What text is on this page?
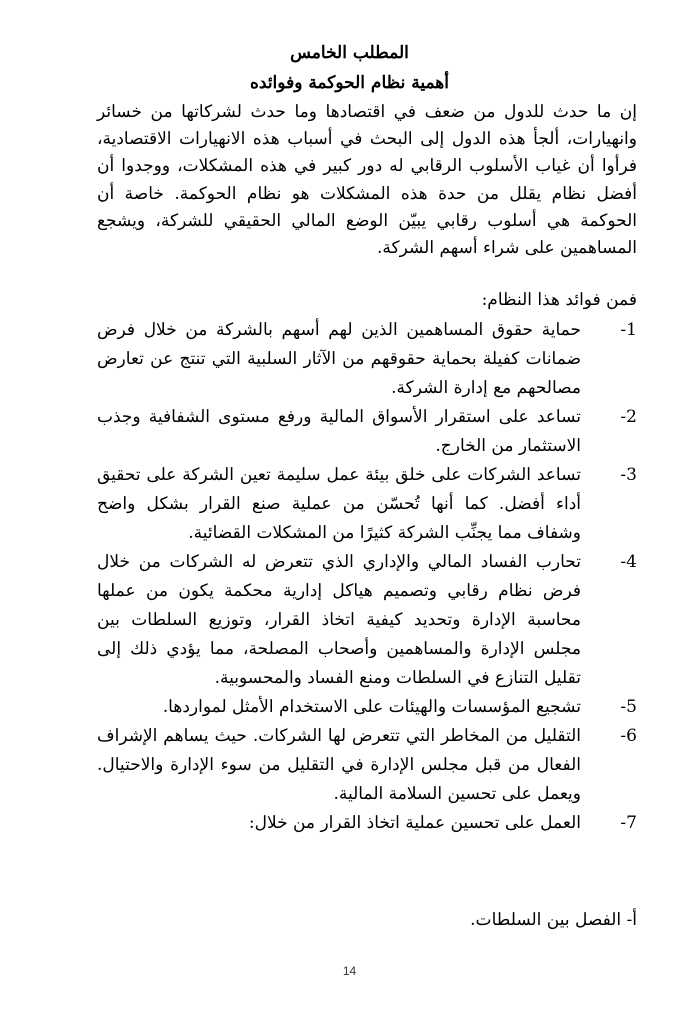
المطلب الخامس
أهمية نظام الحوكمة وفوائده
إن ما حدث للدول من ضعف في اقتصادها وما حدث لشركاتها من خسائر وانهيارات، ألجأ هذه الدول إلى البحث في أسباب هذه الانهيارات الاقتصادية، فرأوا أن غياب الأسلوب الرقابي له دور كبير في هذه المشكلات، ووجدوا أن أفضل نظام يقلل من حدة هذه المشكلات هو نظام الحوكمة. خاصة أن الحوكمة هي أسلوب رقابي يبيّن الوضع المالي الحقيقي للشركة، ويشجع المساهمين على شراء أسهم الشركة.
فمن فوائد هذا النظام:
1-
حماية حقوق المساهمين الذين لهم أسهم بالشركة من خلال فرض ضمانات كفيلة بحماية حقوقهم من الآثار السلبية التي تنتج عن تعارض مصالحهم مع إدارة الشركة.
2-
تساعد على استقرار الأسواق المالية ورفع مستوى الشفافية وجذب الاستثمار من الخارج.
3-
تساعد الشركات على خلق بيئة عمل سليمة تعين الشركة على تحقيق أداء أفضل. كما أنها تُحسّن من عملية صنع القرار بشكل واضح وشفاف مما يجنِّب الشركة كثيرًا من المشكلات القضائية.
4-
تحارب الفساد المالي والإداري الذي تتعرض له الشركات من خلال فرض نظام رقابي وتصميم هياكل إدارية محكمة يكون من عملها محاسبة الإدارة وتحديد كيفية اتخاذ القرار، وتوزيع السلطات بين مجلس الإدارة والمساهمين وأصحاب المصلحة، مما يؤدي ذلك إلى تقليل التنازع في السلطات ومنع الفساد والمحسوبية.
5-
تشجيع المؤسسات والهيئات على الاستخدام الأمثل لمواردها.
6-
التقليل من المخاطر التي تتعرض لها الشركات. حيث يساهم الإشراف الفعال من قبل مجلس الإدارة في التقليل من سوء الإدارة والاحتيال. ويعمل على تحسين السلامة المالية.
7-
العمل على تحسين عملية اتخاذ القرار من خلال:
أ- الفصل بين السلطات.
14
